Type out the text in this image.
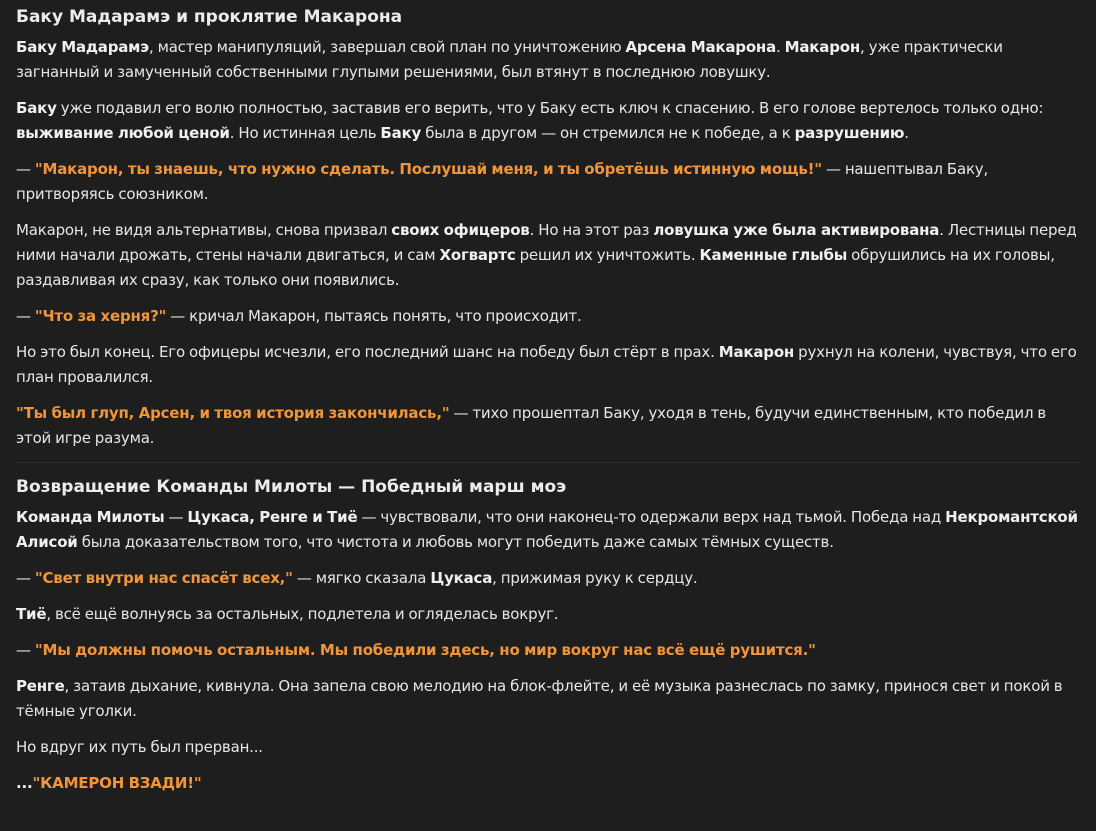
Баку Мадарамэ и проклятие Макарона

Баку Мадарамэ, мастер манипуляций, завершал свой план по уничтожению Арсена Макарона. Макарон, уже практически загнанный и замученный собственными глупыми решениями, был втянут в последнюю ловушку.

Баку уже подавил его волю полностью, заставив его верить, что у Баку есть ключ к спасению. В его голове вертелось только одно: выживание любой ценой. Но истинная цель Баку была в другом — он стремился не к победе, а к разрушению.

— "Макарон, ты знаешь, что нужно сделать. Послушай меня, и ты обретёшь истинную мощь!" — нашептывал Баку, притворяясь союзником.

Макарон, не видя альтернативы, снова призвал своих офицеров. Но на этот раз ловушка уже была активирована. Лестницы перед ними начали дрожать, стены начали двигаться, и сам Хогвартс решил их уничтожить. Каменные глыбы обрушились на их головы, раздавливая их сразу, как только они появились.

— "Что за херня?" — кричал Макарон, пытаясь понять, что происходит.

Но это был конец. Его офицеры исчезли, его последний шанс на победу был стёрт в прах. Макарон рухнул на колени, чувствуя, что его план провалился.

"Ты был глуп, Арсен, и твоя история закончилась," — тихо прошептал Баку, уходя в тень, будучи единственным, кто победил в этой игре разума.

Возвращение Команды Милоты — Победный марш моэ

Команда Милоты — Цукаса, Ренге и Тиё — чувствовали, что они наконец-то одержали верх над тьмой. Победа над Некромантской Алисой была доказательством того, что чистота и любовь могут победить даже самых тёмных существ.

— "Свет внутри нас спасёт всех," — мягко сказала Цукаса, прижимая руку к сердцу.

Тиё, всё ещё волнуясь за остальных, подлетела и огляделась вокруг.

— "Мы должны помочь остальным. Мы победили здесь, но мир вокруг нас всё ещё рушится."

Ренге, затаив дыхание, кивнула. Она запела свою мелодию на блок-флейте, и её музыка разнеслась по замку, принося свет и покой в тёмные уголки.

Но вдруг их путь был прерван...

..."КАМЕРОН ВЗАДИ!"
